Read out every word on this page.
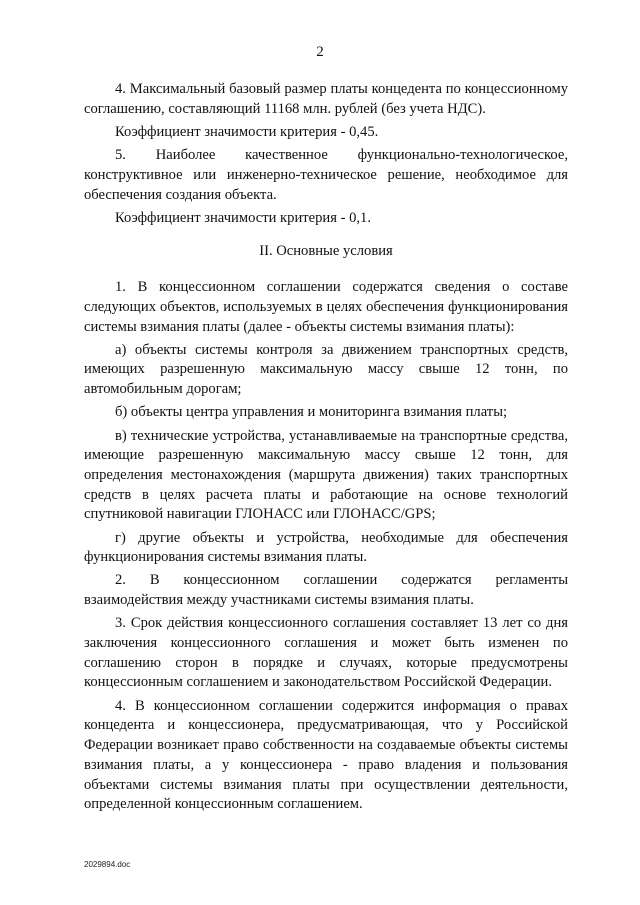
2

4. Максимальный базовый размер платы концедента по концессионному соглашению, составляющий 11168 млн. рублей (без учета НДС).

Коэффициент значимости критерия - 0,45.

5. Наиболее качественное функционально-технологическое, конструктивное или инженерно-техническое решение, необходимое для обеспечения создания объекта.

Коэффициент значимости критерия - 0,1.

II. Основные условия

1. В концессионном соглашении содержатся сведения о составе следующих объектов, используемых в целях обеспечения функционирования системы взимания платы (далее - объекты системы взимания платы):

а) объекты системы контроля за движением транспортных средств, имеющих разрешенную максимальную массу свыше 12 тонн, по автомобильным дорогам;

б) объекты центра управления и мониторинга взимания платы;

в) технические устройства, устанавливаемые на транспортные средства, имеющие разрешенную максимальную массу свыше 12 тонн, для определения местонахождения (маршрута движения) таких транспортных средств в целях расчета платы и работающие на основе технологий спутниковой навигации ГЛОНАСС или ГЛОНАСС/GPS;

г) другие объекты и устройства, необходимые для обеспечения функционирования системы взимания платы.

2. В концессионном соглашении содержатся регламенты взаимодействия между участниками системы взимания платы.

3. Срок действия концессионного соглашения составляет 13 лет со дня заключения концессионного соглашения и может быть изменен по соглашению сторон в порядке и случаях, которые предусмотрены концессионным соглашением и законодательством Российской Федерации.

4. В концессионном соглашении содержится информация о правах концедента и концессионера, предусматривающая, что у Российской Федерации возникает право собственности на создаваемые объекты системы взимания платы, а у концессионера - право владения и пользования объектами системы взимания платы при осуществлении деятельности, определенной концессионным соглашением.

2029894.doc
